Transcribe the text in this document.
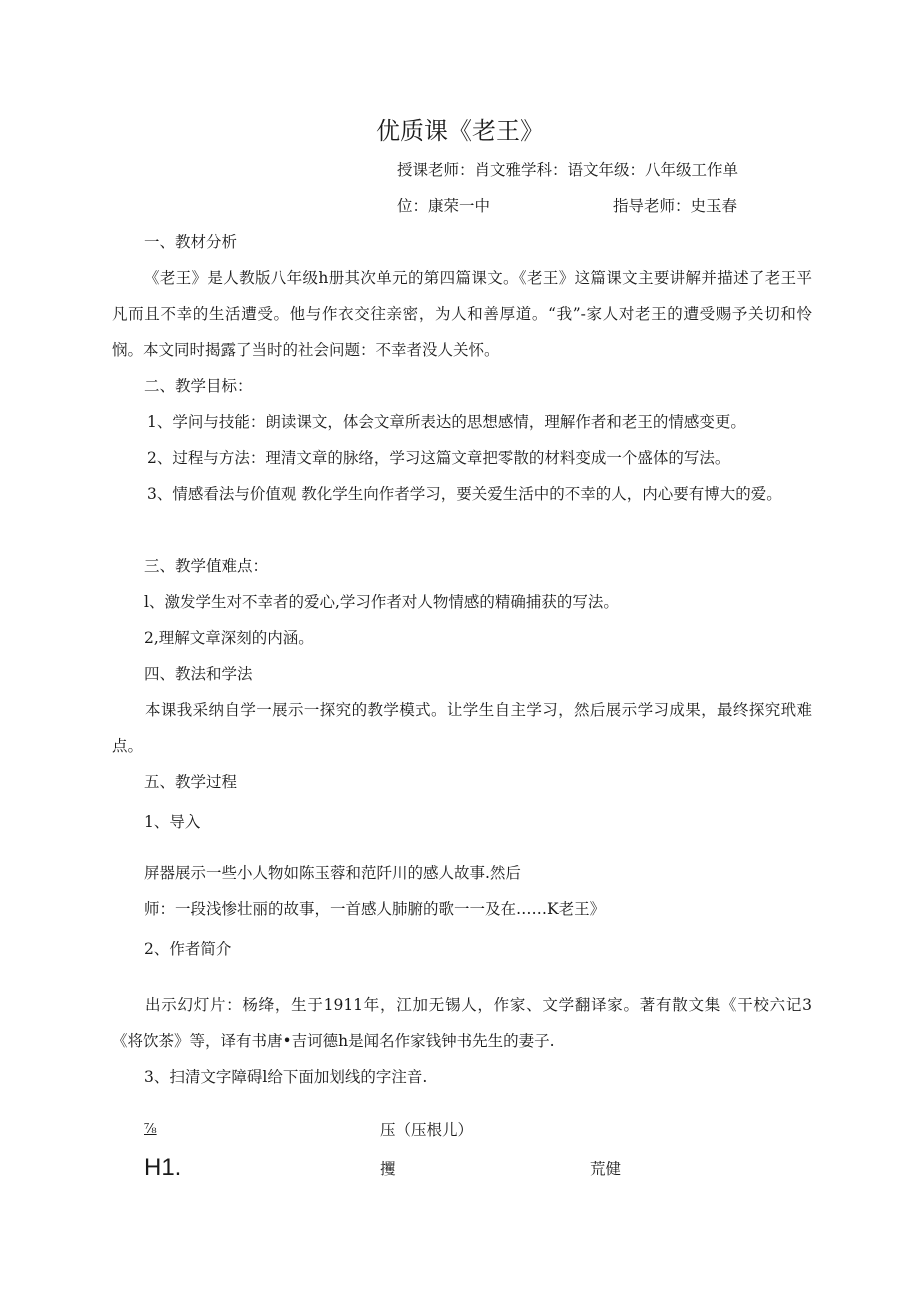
优质课《老王》
授课老师：肖文雅学科：语文年级：八年级工作单
位：康荣一中	指导老师：史玉春
一、教材分析
《老王》是人教版八年级h册其次单元的第四篇课文。《老王》这篇课文主要讲解并描述了老王平凡而且不幸的生活遭受。他与作衣交往亲密，为人和善厚道。“我”-家人对老王的遭受赐予关切和怜悯。本文同时揭露了当时的社会问题：不幸者没人关怀。
二、教学目标：
1、学问与技能：朗读课文，体会文章所表达的思想感情，理解作者和老王的情感变更。
2、过程与方法：理清文章的脉络，学习这篇文章把零散的材料变成一个盛体的写法。
3、情感看法与价值观 教化学生向作者学习，要关爱生活中的不幸的人，内心要有博大的爱。
三、教学值难点：
l、激发学生对不幸者的爱心,学习作者对人物情感的精确捕获的写法。
2,理解文章深刻的内涵。
四、教法和学法
本课我采纳自学一展示一探究的教学模式。让学生自主学习，然后展示学习成果，最终探究玳难点。
五、教学过程
1、导入
屏器展示一些小人物如陈玉蓉和范阡川的感人故事.然后
师：一段浅惨壮丽的故事，一首感人肺腑的歌一一及在……K老王》
2、作者简介
出示幻灯片：杨绛，生于1911年，江加无锡人，作家、文学翻译家。著有散文集《干校六记3《将饮茶》等，译有书唐•吉诃德h是闻名作家钱钟书先生的妻子.
3、扫清文字障碍l给下面加划线的字注音.
⅞	压（压根儿）
H1.	攫	荒健
